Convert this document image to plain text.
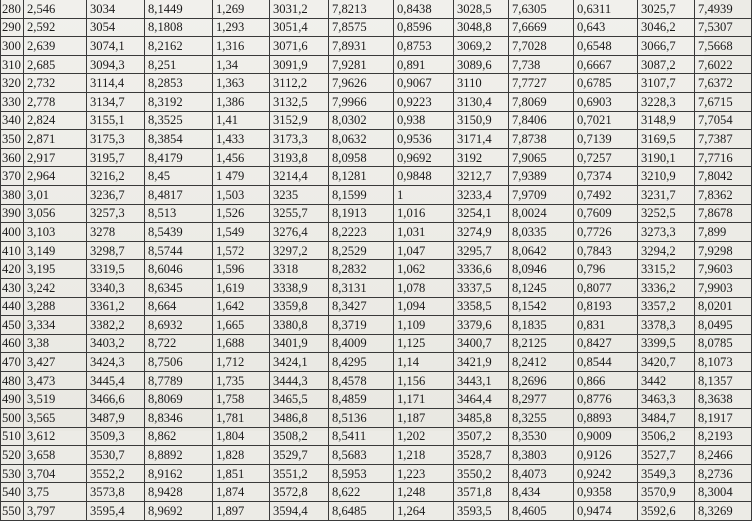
280	2,546	3034	8,1449	1,269	3031,2	7,8213	0,8438	3028,5	7,6305	0,6311	3025,7	7,4939
290	2,592	3054	8,1808	1,293	3051,4	7,8575	0,8596	3048,8	7,6669	0,643	3046,2	7,5307
300	2,639	3074,1	8,2162	1,316	3071,6	7,8931	0,8753	3069,2	7,7028	0,6548	3066,7	7,5668
310	2,685	3094,3	8,251	1,34	3091,9	7,9281	0,891	3089,6	7,738	0,6667	3087,2	7,6022
320	2,732	3114,4	8,2853	1,363	3112,2	7,9626	0,9067	3110	7,7727	0,6785	3107,7	7,6372
330	2,778	3134,7	8,3192	1,386	3132,5	7,9966	0,9223	3130,4	7,8069	0,6903	3228,3	7,6715
340	2,824	3155,1	8,3525	1,41	3152,9	8,0302	0,938	3150,9	7,8406	0,7021	3148,9	7,7054
350	2,871	3175,3	8,3854	1,433	3173,3	8,0632	0,9536	3171,4	7,8738	0,7139	3169,5	7,7387
360	2,917	3195,7	8,4179	1,456	3193,8	8,0958	0,9692	3192	7,9065	0,7257	3190,1	7,7716
370	2,964	3216,2	8,45	1 479	3214,4	8,1281	0,9848	3212,7	7,9389	0,7374	3210,9	7,8042
380	3,01	3236,7	8,4817	1,503	3235	8,1599	1	3233,4	7,9709	0,7492	3231,7	7,8362
390	3,056	3257,3	8,513	1,526	3255,7	8,1913	1,016	3254,1	8,0024	0,7609	3252,5	7,8678
400	3,103	3278	8,5439	1,549	3276,4	8,2223	1,031	3274,9	8,0335	0,7726	3273,3	7,899
410	3,149	3298,7	8,5744	1,572	3297,2	8,2529	1,047	3295,7	8,0642	0,7843	3294,2	7,9298
420	3,195	3319,5	8,6046	1,596	3318	8,2832	1,062	3336,6	8,0946	0,796	3315,2	7,9603
430	3,242	3340,3	8,6345	1,619	3338,9	8,3131	1,078	3337,5	8,1245	0,8077	3336,2	7,9903
440	3,288	3361,2	8,664	1,642	3359,8	8,3427	1,094	3358,5	8,1542	0,8193	3357,2	8,0201
450	3,334	3382,2	8,6932	1,665	3380,8	8,3719	1,109	3379,6	8,1835	0,831	3378,3	8,0495
460	3,38	3403,2	8,722	1,688	3401,9	8,4009	1,125	3400,7	8,2125	0,8427	3399,5	8,0785
470	3,427	3424,3	8,7506	1,712	3424,1	8,4295	1,14	3421,9	8,2412	0,8544	3420,7	8,1073
480	3,473	3445,4	8,7789	1,735	3444,3	8,4578	1,156	3443,1	8,2696	0,866	3442	8,1357
490	3,519	3466,6	8,8069	1,758	3465,5	8,4859	1,171	3464,4	8,2977	0,8776	3463,3	8,3638
500	3,565	3487,9	8,8346	1,781	3486,8	8,5136	1,187	3485,8	8,3255	0,8893	3484,7	8,1917
510	3,612	3509,3	8,862	1,804	3508,2	8,5411	1,202	3507,2	8,3530	0,9009	3506,2	8,2193
520	3,658	3530,7	8,8892	1,828	3529,7	8,5683	1,218	3528,7	8,3803	0,9126	3527,7	8,2466
530	3,704	3552,2	8,9162	1,851	3551,2	8,5953	1,223	3550,2	8,4073	0,9242	3549,3	8,2736
540	3,75	3573,8	8,9428	1,874	3572,8	8,622	1,248	3571,8	8,434	0,9358	3570,9	8,3004
550	3,797	3595,4	8,9692	1,897	3594,4	8,6485	1,264	3593,5	8,4605	0,9474	3592,6	8,3269
